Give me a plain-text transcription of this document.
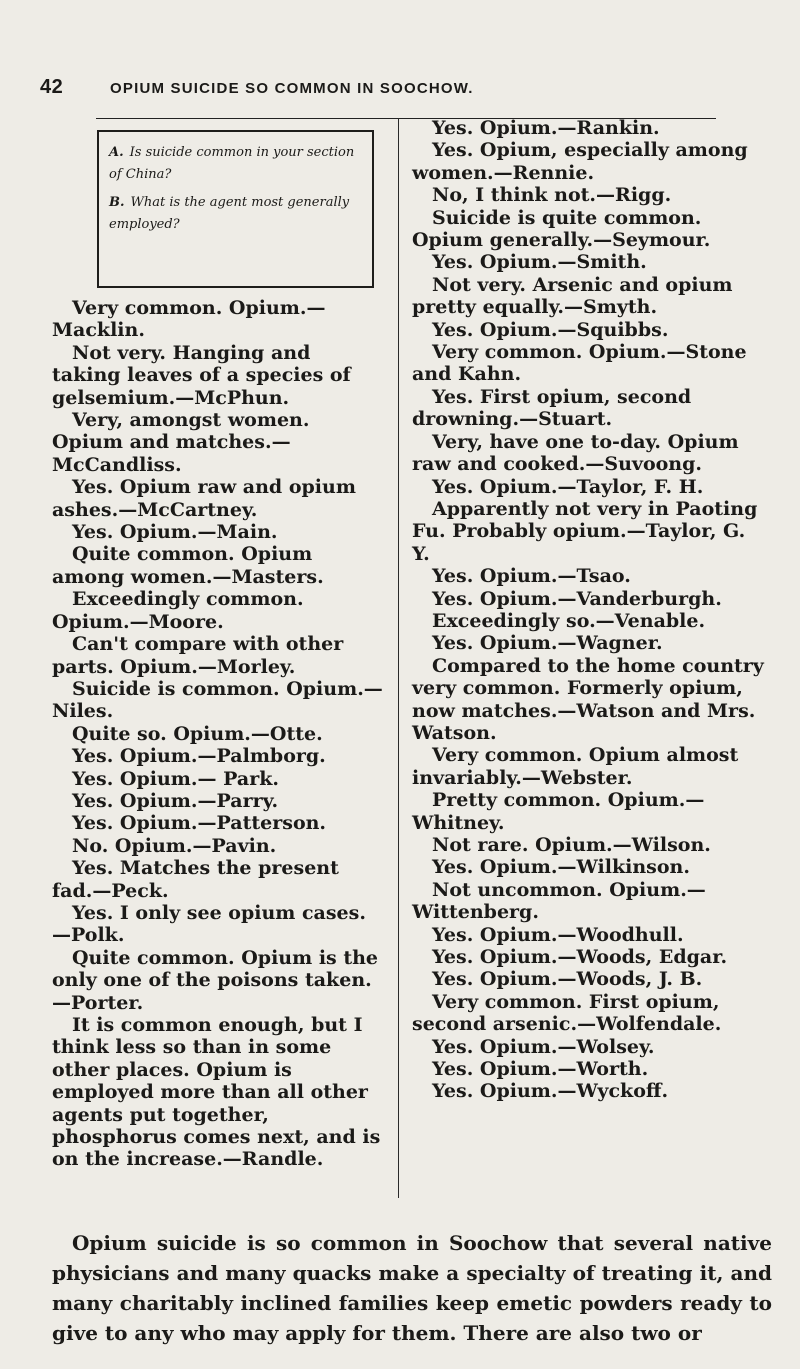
42	OPIUM SUICIDE SO COMMON IN SOOCHOW.

A. Is suicide common in your section of China?

B. What is the agent most generally employed?

Very common. Opium.—Macklin.

Not very. Hanging and taking leaves of a species of gelsemium.—McPhun.

Very, amongst women. Opium and matches.—McCandliss.

Yes. Opium raw and opium ashes.—McCartney.

Yes. Opium.—Main.

Quite common. Opium among women.—Masters.

Exceedingly common. Opium.—Moore.

Can't compare with other parts. Opium.—Morley.

Suicide is common. Opium.—Niles.

Quite so. Opium.—Otte.

Yes. Opium.—Palmborg.

Yes. Opium.— Park.

Yes. Opium.—Parry.

Yes. Opium.—Patterson.

No. Opium.—Pavin.

Yes. Matches the present fad.—Peck.

Yes. I only see opium cases.—Polk.

Quite common. Opium is the only one of the poisons taken.—Porter.

It is common enough, but I think less so than in some other places. Opium is employed more than all other agents put together, phosphorus comes next, and is on the increase.—Randle.

Yes. Opium.—Rankin.

Yes. Opium, especially among women.—Rennie.

No, I think not.—Rigg.

Suicide is quite common. Opium generally.—Seymour.

Yes. Opium.—Smith.

Not very. Arsenic and opium pretty equally.—Smyth.

Yes. Opium.—Squibbs.

Very common. Opium.—Stone and Kahn.

Yes. First opium, second drowning.—Stuart.

Very, have one to-day. Opium raw and cooked.—Suvoong.

Yes. Opium.—Taylor, F. H.

Apparently not very in Paoting Fu. Probably opium.—Taylor, G. Y.

Yes. Opium.—Tsao.

Yes. Opium.—Vanderburgh.

Exceedingly so.—Venable.

Yes. Opium.—Wagner.

Compared to the home country very common. Formerly opium, now matches.—Watson and Mrs. Watson.

Very common. Opium almost invariably.—Webster.

Pretty common. Opium.—Whitney.

Not rare. Opium.—Wilson.

Yes. Opium.—Wilkinson.

Not uncommon. Opium.—Wittenberg.

Yes. Opium.—Woodhull.

Yes. Opium.—Woods, Edgar.

Yes. Opium.—Woods, J. B.

Very common. First opium, second arsenic.—Wolfendale.

Yes. Opium.—Wolsey.

Yes. Opium.—Worth.

Yes. Opium.—Wyckoff.

Opium suicide is so common in Soochow that several native physicians and many quacks make a specialty of treating it, and many charitably inclined families keep emetic powders ready to give to any who may apply for them. There are also two or
